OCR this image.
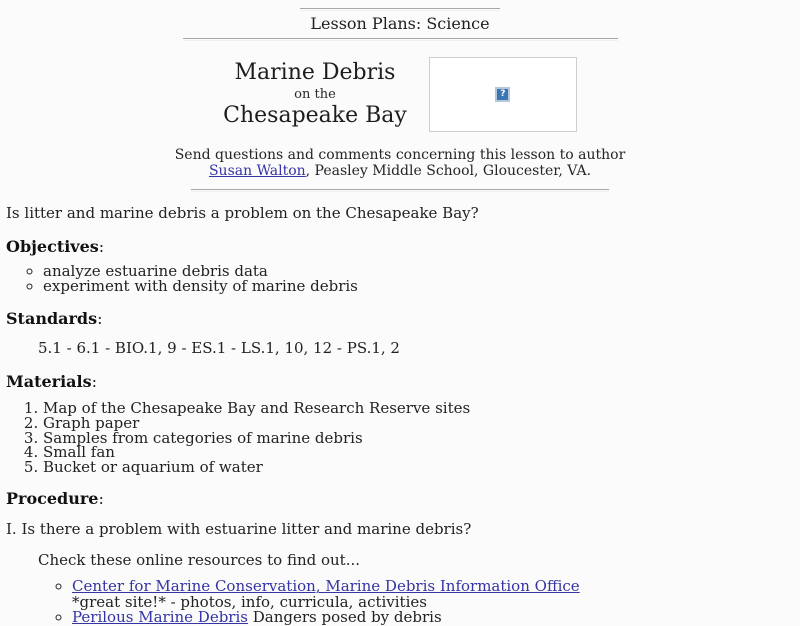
Lesson Plans: Science
Marine Debris
on the
Chesapeake Bay
?
Send questions and comments concerning this lesson to author
Susan Walton, Peasley Middle School, Gloucester, VA.

Is litter and marine debris a problem on the Chesapeake Bay?

Objectives:
◦ analyze estuarine debris data
◦ experiment with density of marine debris
Standards:
5.1 - 6.1 - BIO.1, 9 - ES.1 - LS.1, 10, 12 - PS.1, 2
Materials:
1. Map of the Chesapeake Bay and Research Reserve sites
2. Graph paper
3. Samples from categories of marine debris
4. Small fan
5. Bucket or aquarium of water
Procedure:

I. Is there a problem with estuarine litter and marine debris?

Check these online resources to find out...

◦ Center for Marine Conservation, Marine Debris Information Office
*great site!* - photos, info, curricula, activities
◦ Perilous Marine Debris Dangers posed by debris
